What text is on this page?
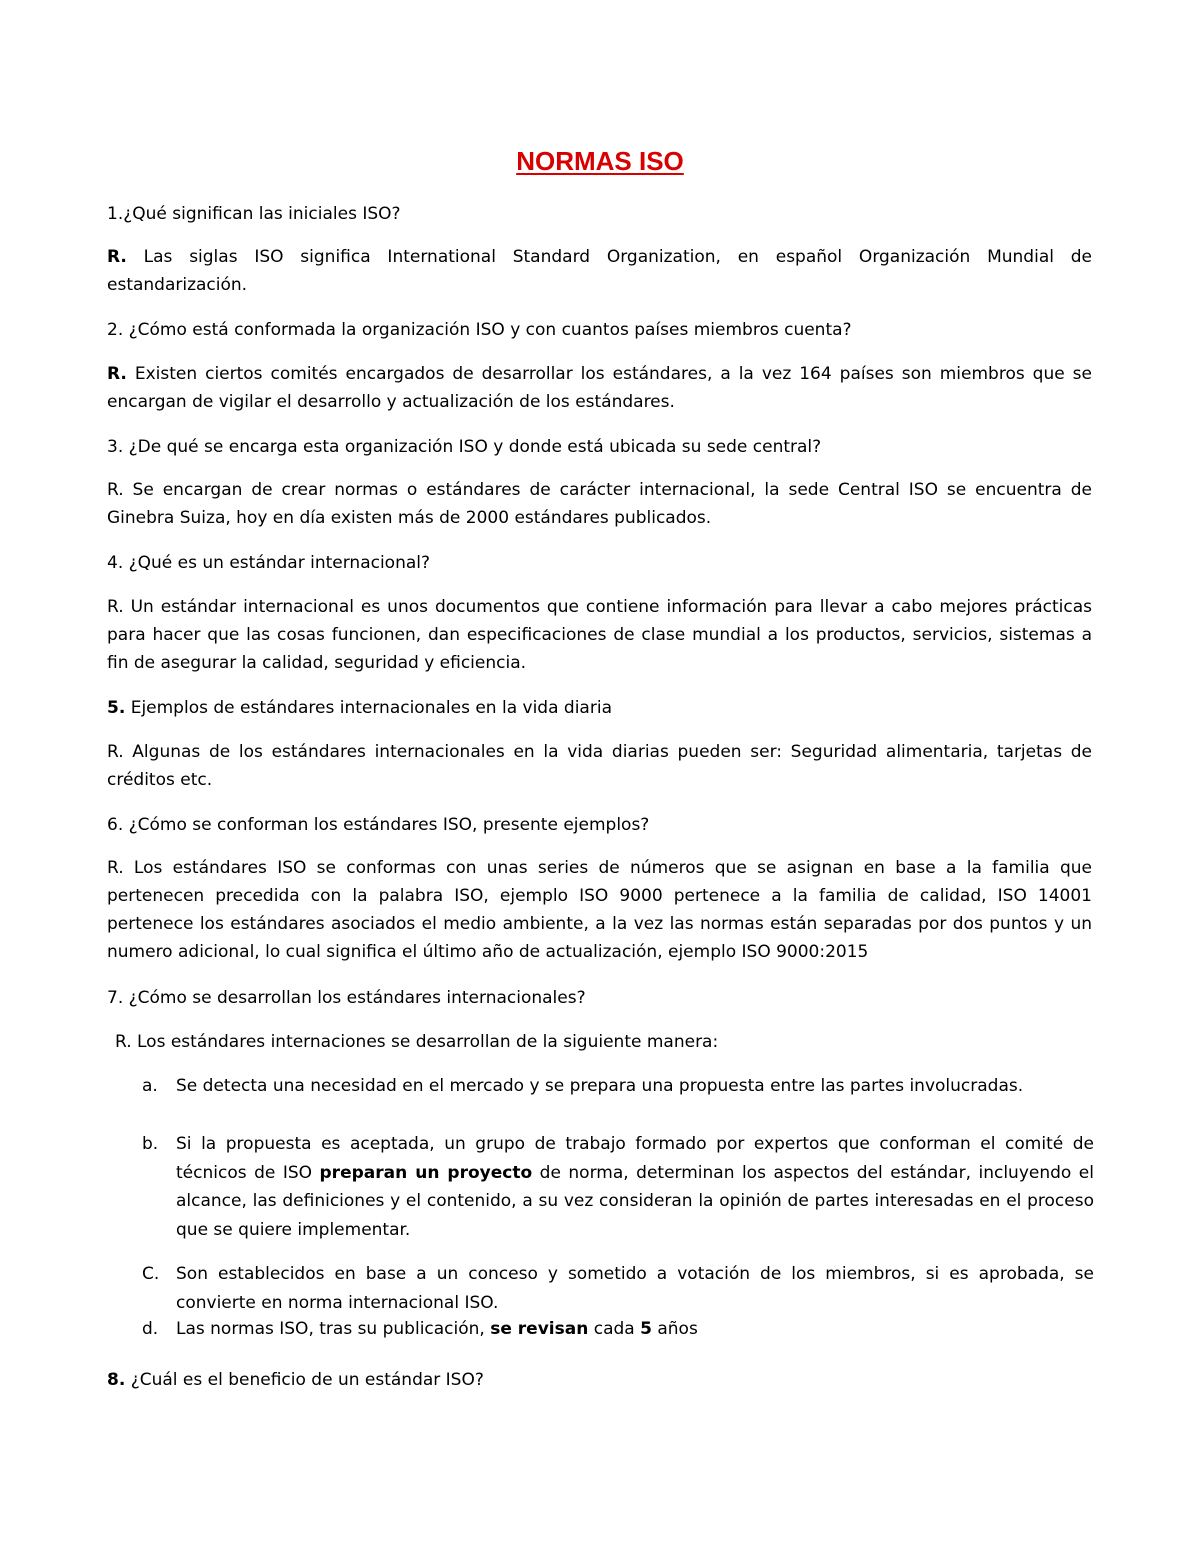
NORMAS ISO

1.¿Qué significan las iniciales ISO?

R. Las siglas ISO significa International Standard Organization, en español Organización Mundial de estandarización.

2. ¿Cómo está conformada la organización ISO y con cuantos países miembros cuenta?

R. Existen ciertos comités encargados de desarrollar los estándares, a la vez 164 países son miembros que se encargan de vigilar el desarrollo y actualización de los estándares.

3. ¿De qué se encarga esta organización ISO y donde está ubicada su sede central?

R. Se encargan de crear normas o estándares de carácter internacional, la sede Central ISO se encuentra de Ginebra Suiza, hoy en día existen más de 2000 estándares publicados.

4. ¿Qué es un estándar internacional?

R. Un estándar internacional es unos documentos que contiene información para llevar a cabo mejores prácticas para hacer que las cosas funcionen, dan especificaciones de clase mundial a los productos, servicios, sistemas a fin de asegurar la calidad, seguridad y eficiencia.

5. Ejemplos de estándares internacionales en la vida diaria

R. Algunas de los estándares internacionales en la vida diarias pueden ser: Seguridad alimentaria, tarjetas de créditos etc.

6. ¿Cómo se conforman los estándares ISO, presente ejemplos?

R. Los estándares ISO se conformas con unas series de números que se asignan en base a la familia que pertenecen precedida con la palabra ISO, ejemplo ISO 9000 pertenece a la familia de calidad, ISO 14001 pertenece los estándares asociados el medio ambiente, a la vez las normas están separadas por dos puntos y un numero adicional, lo cual significa el último año de actualización, ejemplo ISO 9000:2015

7. ¿Cómo se desarrollan los estándares internacionales?

R. Los estándares internaciones se desarrollan de la siguiente manera:

a.	Se detecta una necesidad en el mercado y se prepara una propuesta entre las partes involucradas.
b.	Si la propuesta es aceptada, un grupo de trabajo formado por expertos que conforman el comité de técnicos de ISO preparan un proyecto de norma, determinan los aspectos del estándar, incluyendo el alcance, las definiciones y el contenido, a su vez consideran la opinión de partes interesadas en el proceso que se quiere implementar.
C. Son establecidos en base a un conceso y sometido a votación de los miembros, si es aprobada, se convierte en norma internacional ISO.
d.	Las normas ISO, tras su publicación, se revisan cada 5 años

8. ¿Cuál es el beneficio de un estándar ISO?
